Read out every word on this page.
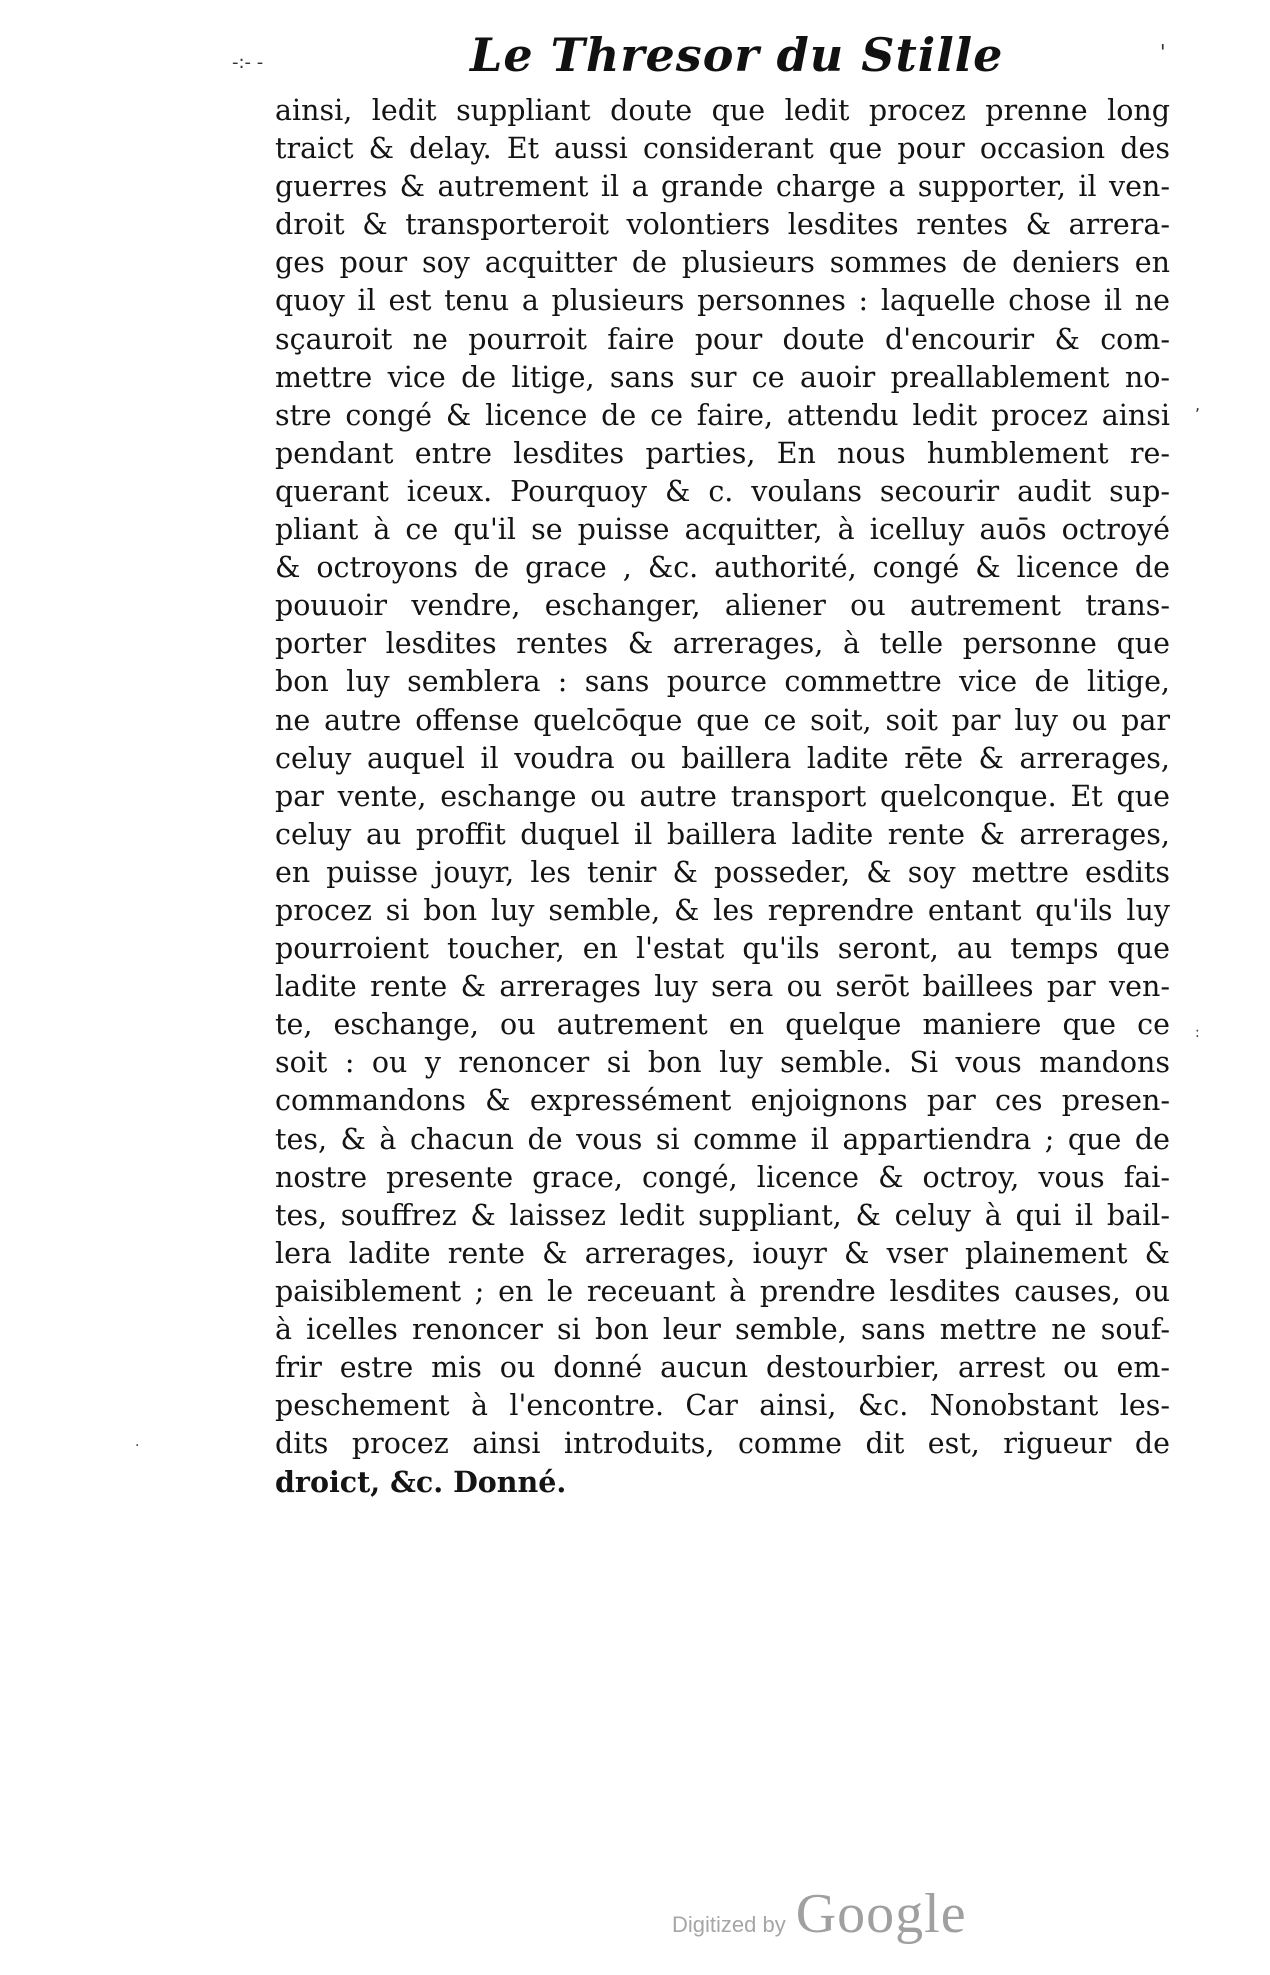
Le Thresor du Stille
-:- -	'
,
:
·
ainsi, ledit suppliant doute que ledit procez prenne long
traict & delay. Et aussi considerant que pour occasion des
guerres & autrement il a grande charge a supporter, il ven-
droit & transporteroit volontiers lesdites rentes & arrera-
ges pour soy acquitter de plusieurs sommes de deniers en
quoy il est tenu a plusieurs personnes : laquelle chose il ne
sçauroit ne pourroit faire pour doute d'encourir & com-
mettre vice de litige, sans sur ce auoir preallablement no-
stre congé & licence de ce faire, attendu ledit procez ainsi
pendant entre lesdites parties, En nous humblement re-
querant iceux. Pourquoy & c. voulans secourir audit sup-
pliant à ce qu'il se puisse acquitter, à icelluy auōs octroyé
& octroyons de grace , &c. authorité, congé & licence de
pouuoir vendre, eschanger, aliener ou autrement trans-
porter lesdites rentes & arrerages, à telle personne que
bon luy semblera : sans pource commettre vice de litige,
ne autre offense quelcōque que ce soit, soit par luy ou par
celuy auquel il voudra ou baillera ladite rēte & arrerages,
par vente, eschange ou autre transport quelconque. Et que
celuy au proffit duquel il baillera ladite rente & arrerages,
en puisse jouyr, les tenir & posseder, & soy mettre esdits
procez si bon luy semble, & les reprendre entant qu'ils luy
pourroient toucher, en l'estat qu'ils seront, au temps que
ladite rente & arrerages luy sera ou serōt baillees par ven-
te, eschange, ou autrement en quelque maniere que ce
soit : ou y renoncer si bon luy semble. Si vous mandons
commandons & expressément enjoignons par ces presen-
tes, & à chacun de vous si comme il appartiendra ; que de
nostre presente grace, congé, licence & octroy, vous fai-
tes, souffrez & laissez ledit suppliant, & celuy à qui il bail-
lera ladite rente & arrerages, iouyr & vser plainement &
paisiblement ; en le receuant à prendre lesdites causes, ou
à icelles renoncer si bon leur semble, sans mettre ne souf-
frir estre mis ou donné aucun destourbier, arrest ou em-
peschement à l'encontre. Car ainsi, &c. Nonobstant les-
dits procez ainsi introduits, comme dit est, rigueur de
droict, &c. Donné.
Digitized by Google
